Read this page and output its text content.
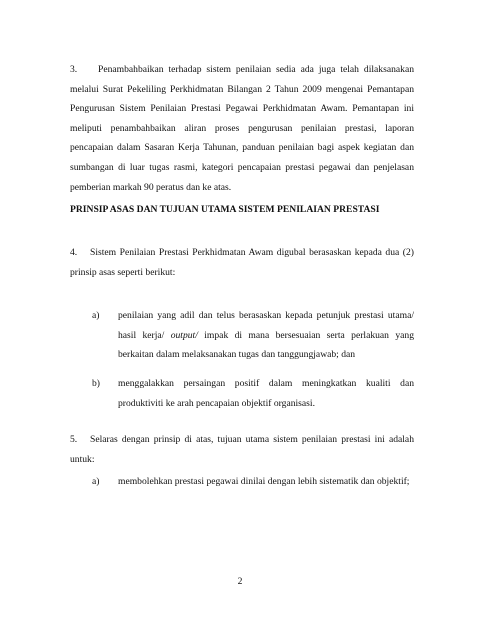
3. Penambahbaikan terhadap sistem penilaian sedia ada juga telah dilaksanakan melalui Surat Pekeliling Perkhidmatan Bilangan 2 Tahun 2009 mengenai Pemantapan Pengurusan Sistem Penilaian Prestasi Pegawai Perkhidmatan Awam. Pemantapan ini meliputi penambahbaikan aliran proses pengurusan penilaian prestasi, laporan pencapaian dalam Sasaran Kerja Tahunan, panduan penilaian bagi aspek kegiatan dan sumbangan di luar tugas rasmi, kategori pencapaian prestasi pegawai dan penjelasan pemberian markah 90 peratus dan ke atas.

PRINSIP ASAS DAN TUJUAN UTAMA SISTEM PENILAIAN PRESTASI

4. Sistem Penilaian Prestasi Perkhidmatan Awam digubal berasaskan kepada dua (2) prinsip asas seperti berikut:

a) penilaian yang adil dan telus berasaskan kepada petunjuk prestasi utama/ hasil kerja/ output/ impak di mana bersesuaian serta perlakuan yang berkaitan dalam melaksanakan tugas dan tanggungjawab; dan
b) menggalakkan persaingan positif dalam meningkatkan kualiti dan produktiviti ke arah pencapaian objektif organisasi.

5. Selaras dengan prinsip di atas, tujuan utama sistem penilaian prestasi ini adalah untuk:

a) membolehkan prestasi pegawai dinilai dengan lebih sistematik dan objektif;
2
